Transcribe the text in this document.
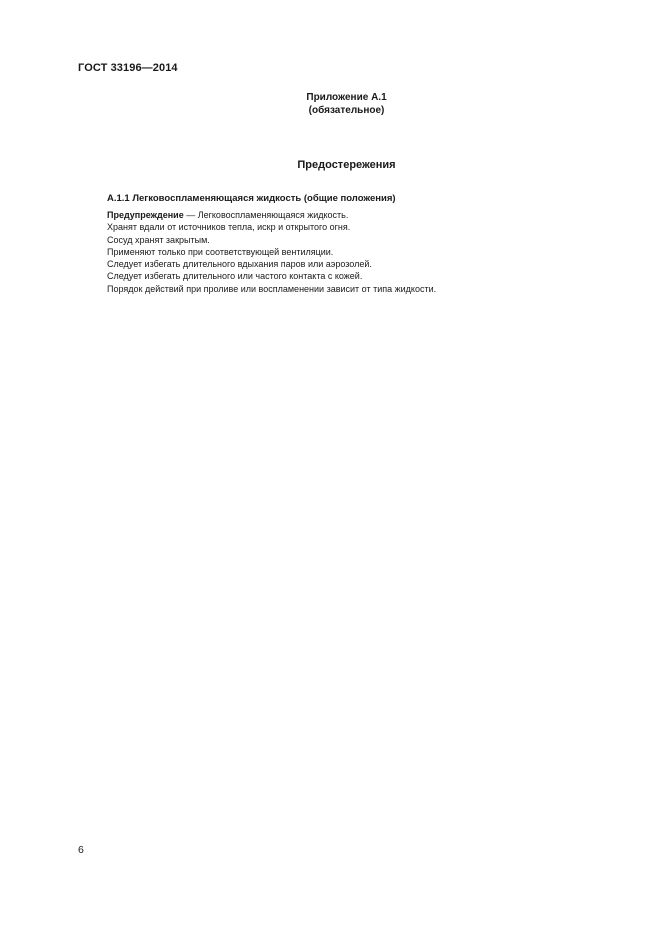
ГОСТ 33196—2014
Приложение А.1
(обязательное)
Предостережения
А.1.1 Легковоспламеняющаяся жидкость (общие положения)
Предупреждение — Легковоспламеняющаяся жидкость.
Хранят вдали от источников тепла, искр и открытого огня.
Сосуд хранят закрытым.
Применяют только при соответствующей вентиляции.
Следует избегать длительного вдыхания паров или аэрозолей.
Следует избегать длительного или частого контакта с кожей.
Порядок действий при проливе или воспламенении зависит от типа жидкости.
6
